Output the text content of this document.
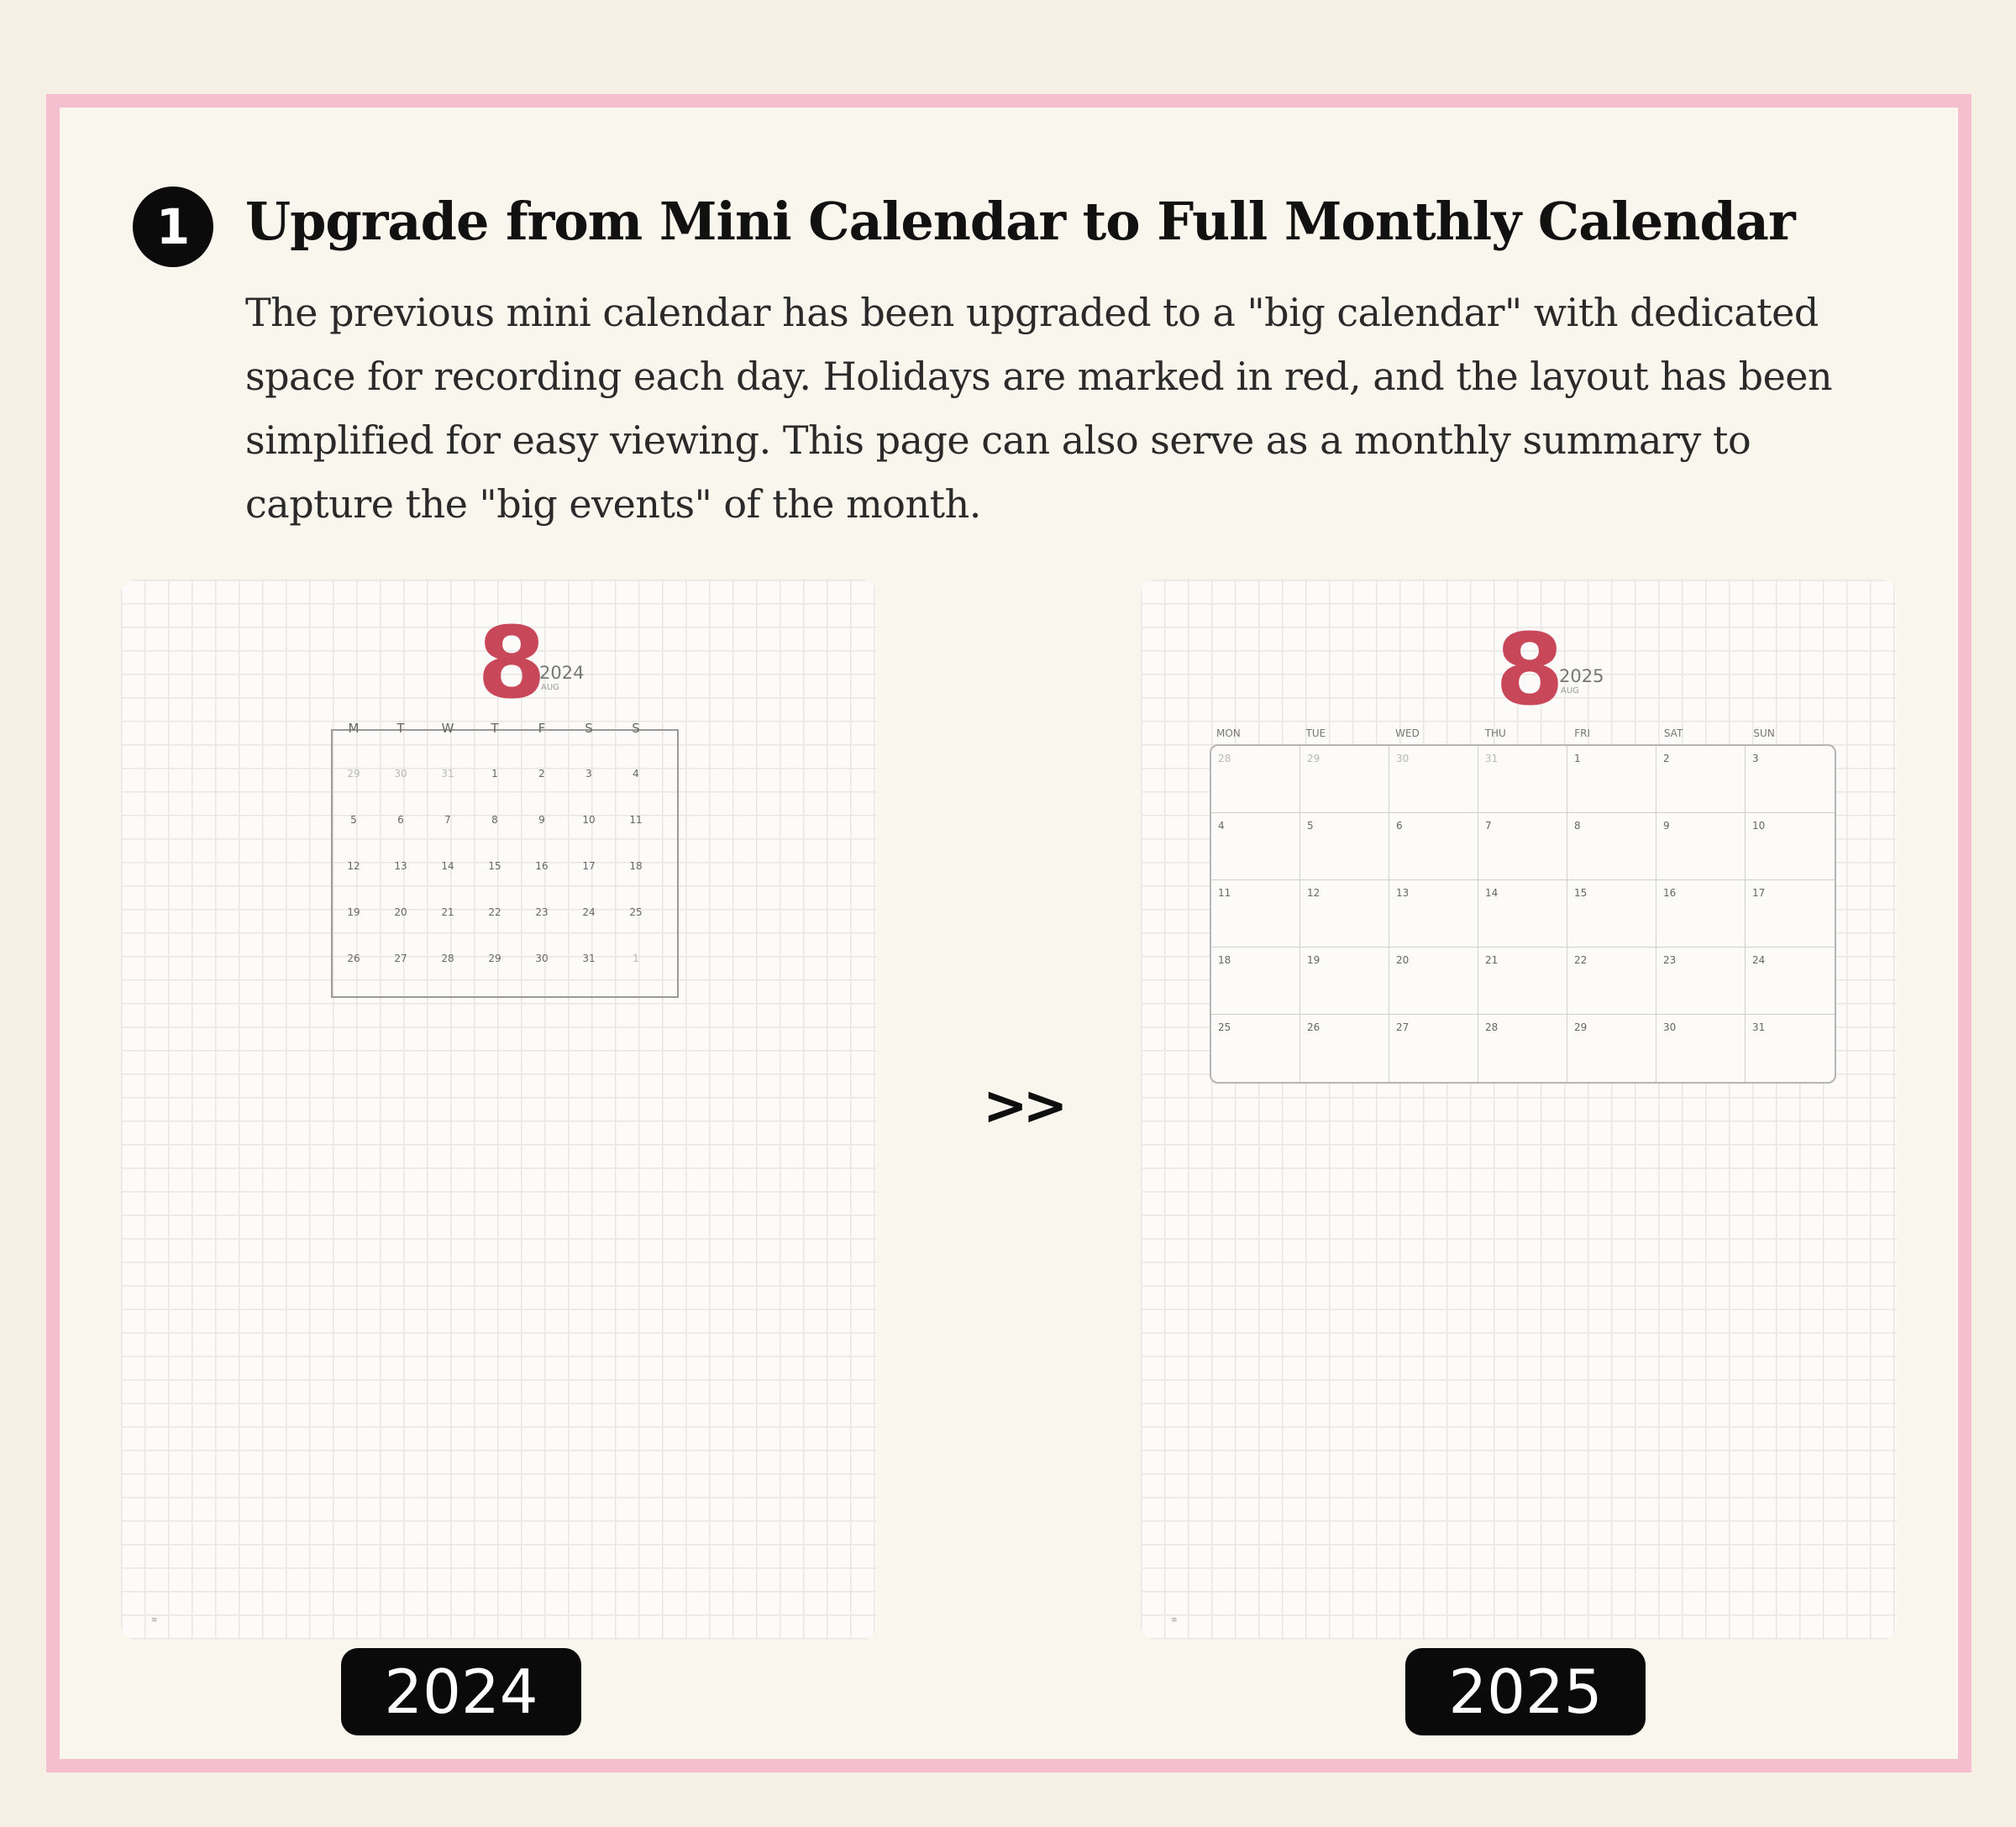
1	Upgrade from Mini Calendar to Full Monthly Calendar
The previous mini calendar has been upgraded to a "big calendar" with dedicated space for recording each day. Holidays are marked in red, and the layout has been simplified for easy viewing. This page can also serve as a monthly summary to capture the "big events" of the month.
8
2024
AUG
≡
M	T	W	T	F	S	S
29	30	31	1	2	3	4
5	6	7	8	9	10	11
12	13	14	15	16	17	18
19	20	21	22	23	24	25
26	27	28	29	30	31	1
>>
8
2025
AUG
28	29	30	31	1	2	3
4	5	6	7	8	9	10
11	12	13	14	15	16	17
18	19	20	21	22	23	24
25	26	27	28	29	30	31
≡
MON	TUE	WED	THU	FRI	SAT	SUN
2024	2025
